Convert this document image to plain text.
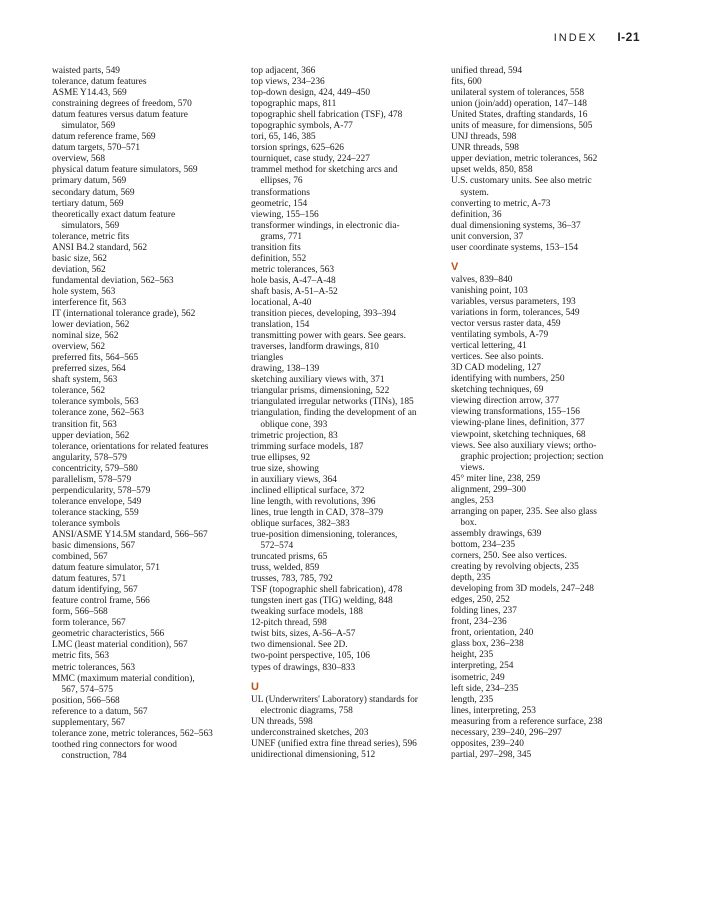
INDEX I-21
waisted parts, 549
tolerance, datum features
ASME Y14.43, 569
constraining degrees of freedom, 570
datum features versus datum feature
simulator, 569
datum reference frame, 569
datum targets, 570–571
overview, 568
physical datum feature simulators, 569
primary datum, 569
secondary datum, 569
tertiary datum, 569
theoretically exact datum feature
simulators, 569
tolerance, metric fits
ANSI B4.2 standard, 562
basic size, 562
deviation, 562
fundamental deviation, 562–563
hole system, 563
interference fit, 563
IT (international tolerance grade), 562
lower deviation, 562
nominal size, 562
overview, 562
preferred fits, 564–565
preferred sizes, 564
shaft system, 563
tolerance, 562
tolerance symbols, 563
tolerance zone, 562–563
transition fit, 563
upper deviation, 562
tolerance, orientations for related features
angularity, 578–579
concentricity, 579–580
parallelism, 578–579
perpendicularity, 578–579
tolerance envelope, 549
tolerance stacking, 559
tolerance symbols
ANSI/ASME Y14.5M standard, 566–567
basic dimensions, 567
combined, 567
datum feature simulator, 571
datum features, 571
datum identifying, 567
feature control frame, 566
form, 566–568
form tolerance, 567
geometric characteristics, 566
LMC (least material condition), 567
metric fits, 563
metric tolerances, 563
MMC (maximum material condition),
567, 574–575
position, 566–568
reference to a datum, 567
supplementary, 567
tolerance zone, metric tolerances, 562–563
toothed ring connectors for wood
construction, 784
top adjacent, 366
top views, 234–236
top-down design, 424, 449–450
topographic maps, 811
topographic shell fabrication (TSF), 478
topographic symbols, A-77
tori, 65, 146, 385
torsion springs, 625–626
tourniquet, case study, 224–227
trammel method for sketching arcs and
ellipses, 76
transformations
geometric, 154
viewing, 155–156
transformer windings, in electronic dia-
grams, 771
transition fits
definition, 552
metric tolerances, 563
hole basis, A-47–A-48
shaft basis, A-51–A-52
locational, A-40
transition pieces, developing, 393–394
translation, 154
transmitting power with gears. See gears.
traverses, landform drawings, 810
triangles
drawing, 138–139
sketching auxiliary views with, 371
triangular prisms, dimensioning, 522
triangulated irregular networks (TINs), 185
triangulation, finding the development of an
oblique cone, 393
trimetric projection, 83
trimming surface models, 187
true ellipses, 92
true size, showing
in auxiliary views, 364
inclined elliptical surface, 372
line length, with revolutions, 396
lines, true length in CAD, 378–379
oblique surfaces, 382–383
true-position dimensioning, tolerances,
572–574
truncated prisms, 65
truss, welded, 859
trusses, 783, 785, 792
TSF (topographic shell fabrication), 478
tungsten inert gas (TIG) welding, 848
tweaking surface models, 188
12-pitch thread, 598
twist bits, sizes, A-56–A-57
two dimensional. See 2D.
two-point perspective, 105, 106
types of drawings, 830–833
U
UL (Underwriters' Laboratory) standards for
electronic diagrams, 758
UN threads, 598
underconstrained sketches, 203
UNEF (unified extra fine thread series), 596
unidirectional dimensioning, 512
unified thread, 594
fits, 600
unilateral system of tolerances, 558
union (join/add) operation, 147–148
United States, drafting standards, 16
units of measure, for dimensions, 505
UNJ threads, 598
UNR threads, 598
upper deviation, metric tolerances, 562
upset welds, 850, 858
U.S. customary units. See also metric
system.
converting to metric, A-73
definition, 36
dual dimensioning systems, 36–37
unit conversion, 37
user coordinate systems, 153–154
V
valves, 839–840
vanishing point, 103
variables, versus parameters, 193
variations in form, tolerances, 549
vector versus raster data, 459
ventilating symbols, A-79
vertical lettering, 41
vertices. See also points.
3D CAD modeling, 127
identifying with numbers, 250
sketching techniques, 69
viewing direction arrow, 377
viewing transformations, 155–156
viewing-plane lines, definition, 377
viewpoint, sketching techniques, 68
views. See also auxiliary views; ortho-
graphic projection; projection; section
views.
45° miter line, 238, 259
alignment, 299–300
angles, 253
arranging on paper, 235. See also glass
box.
assembly drawings, 639
bottom, 234–235
corners, 250. See also vertices.
creating by revolving objects, 235
depth, 235
developing from 3D models, 247–248
edges, 250, 252
folding lines, 237
front, 234–236
front, orientation, 240
glass box, 236–238
height, 235
interpreting, 254
isometric, 249
left side, 234–235
length, 235
lines, interpreting, 253
measuring from a reference surface, 238
necessary, 239–240, 296–297
opposites, 239–240
partial, 297–298, 345
